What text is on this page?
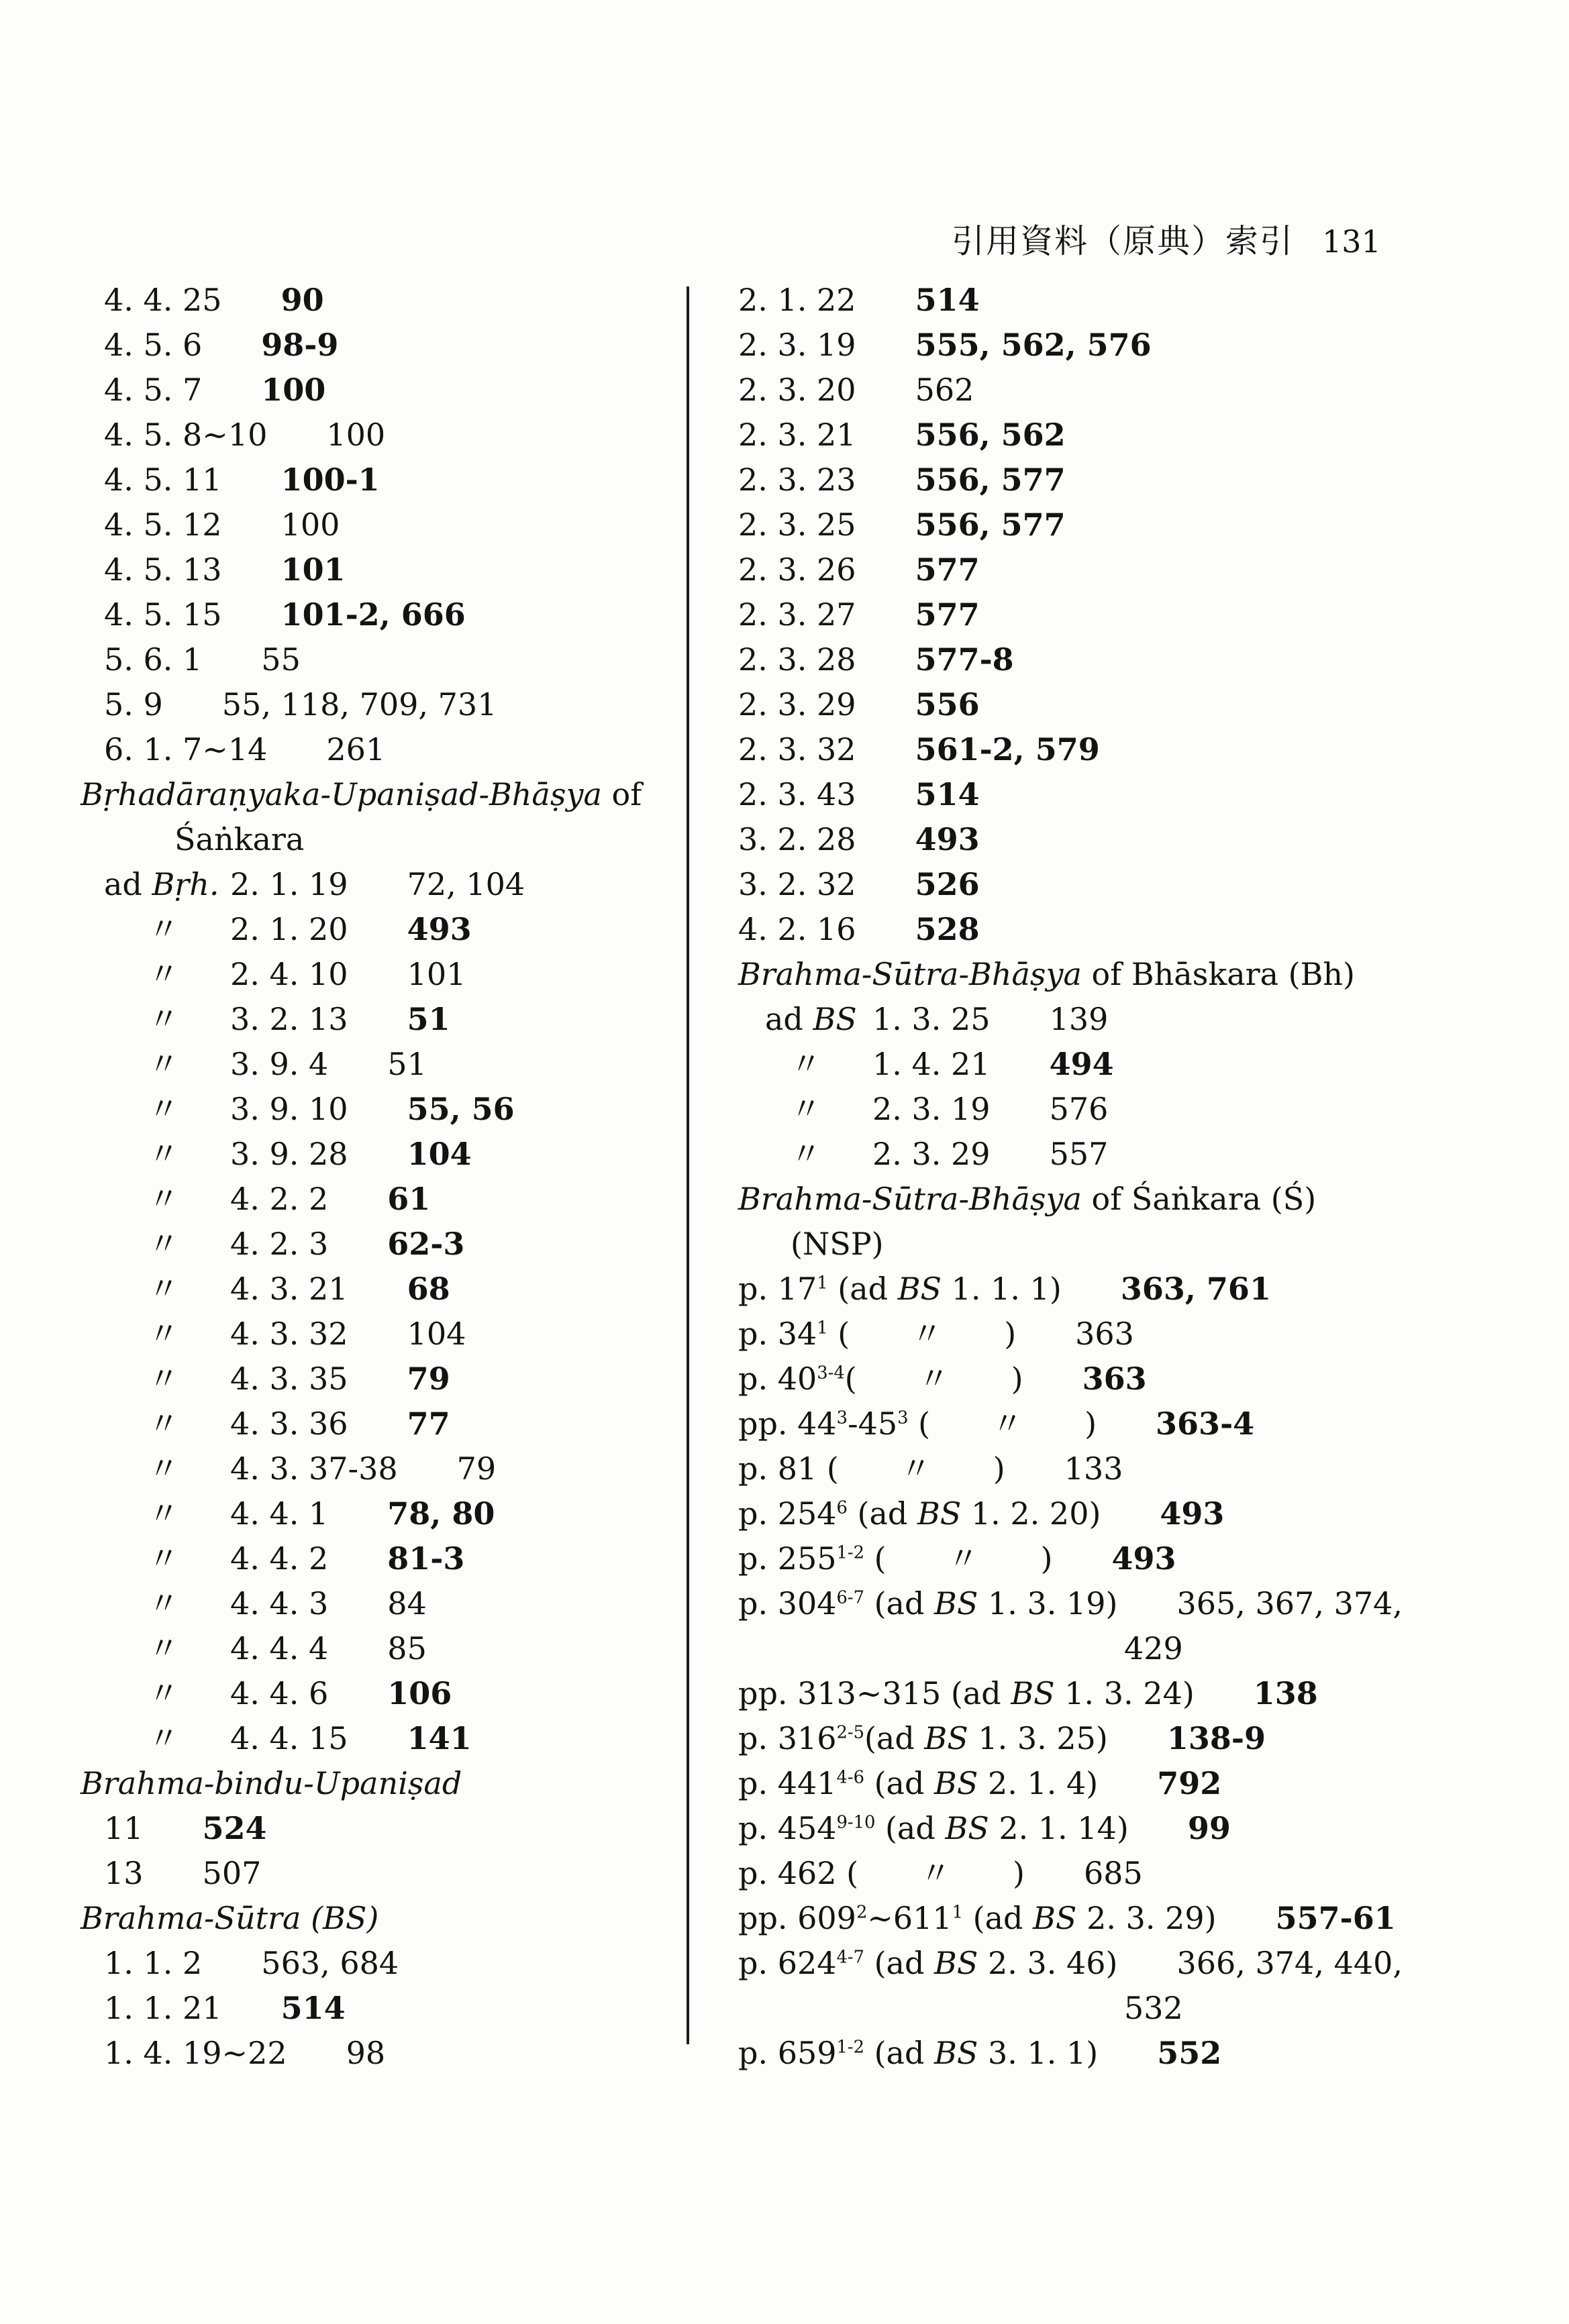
引用資料（原典）索引 131
4. 4. 25 90
4. 5. 6 98-9
4. 5. 7 100
4. 5. 8~10 100
4. 5. 11 100-1
4. 5. 12 100
4. 5. 13 101
4. 5. 15 101-2, 666
5. 6. 1 55
5. 9 55, 118, 709, 731
6. 1. 7~14 261
Bṛhadāraṇyaka-Upaniṣad-Bhāṣya of
Śaṅkara
ad Bṛh. 2. 1. 19 72, 104
〃 2. 1. 20 493
〃 2. 4. 10 101
〃 3. 2. 13 51
〃 3. 9. 4 51
〃 3. 9. 10 55, 56
〃 3. 9. 28 104
〃 4. 2. 2 61
〃 4. 2. 3 62-3
〃 4. 3. 21 68
〃 4. 3. 32 104
〃 4. 3. 35 79
〃 4. 3. 36 77
〃 4. 3. 37-38 79
〃 4. 4. 1 78, 80
〃 4. 4. 2 81-3
〃 4. 4. 3 84
〃 4. 4. 4 85
〃 4. 4. 6 106
〃 4. 4. 15 141
Brahma-bindu-Upaniṣad
11 524
13 507
Brahma-Sūtra (BS)
1. 1. 2 563, 684
1. 1. 21 514
1. 4. 19~22 98
2. 1. 22 514
2. 3. 19 555, 562, 576
2. 3. 20 562
2. 3. 21 556, 562
2. 3. 23 556, 577
2. 3. 25 556, 577
2. 3. 26 577
2. 3. 27 577
2. 3. 28 577-8
2. 3. 29 556
2. 3. 32 561-2, 579
2. 3. 43 514
3. 2. 28 493
3. 2. 32 526
4. 2. 16 528
Brahma-Sūtra-Bhāṣya of Bhāskara (Bh)
ad BS 1. 3. 25 139
〃 1. 4. 21 494
〃 2. 3. 19 576
〃 2. 3. 29 557
Brahma-Sūtra-Bhāṣya of Śaṅkara (Ś)
(NSP)
p. $17^1$ (ad BS 1. 1. 1) 363, 761
p. $34^1$ (  〃  ) 363
p. 40$^{3-4}$(  〃  ) 363
pp. $44^3-45^3$ (  〃  ) 363-4
p. 81 (  〃  ) 133
p. $254^6$ (ad BS 1. 2. 20) 493
p. 255$^{1-2}$ (  〃  ) 493
p. 304$^{6-7}$ (ad BS 1. 3. 19) 365, 367, 374,
429
pp. 313~315 (ad BS 1. 3. 24) 138
p. 316$^{2-5}$(ad BS 1. 3. 25) 138-9
p. 441$^{4-6}$ (ad BS 2. 1. 4) 792
p. 454$^{9-10}$ (ad BS 2. 1. 14) 99
p. 462 (  〃  ) 685
pp. $609^2\sim 611^1$ (ad BS 2. 3. 29) 557-61
p. 624$^{4-7}$ (ad BS 2. 3. 46) 366, 374, 440,
532
p. 659$^{1-2}$ (ad BS 3. 1. 1) 552
